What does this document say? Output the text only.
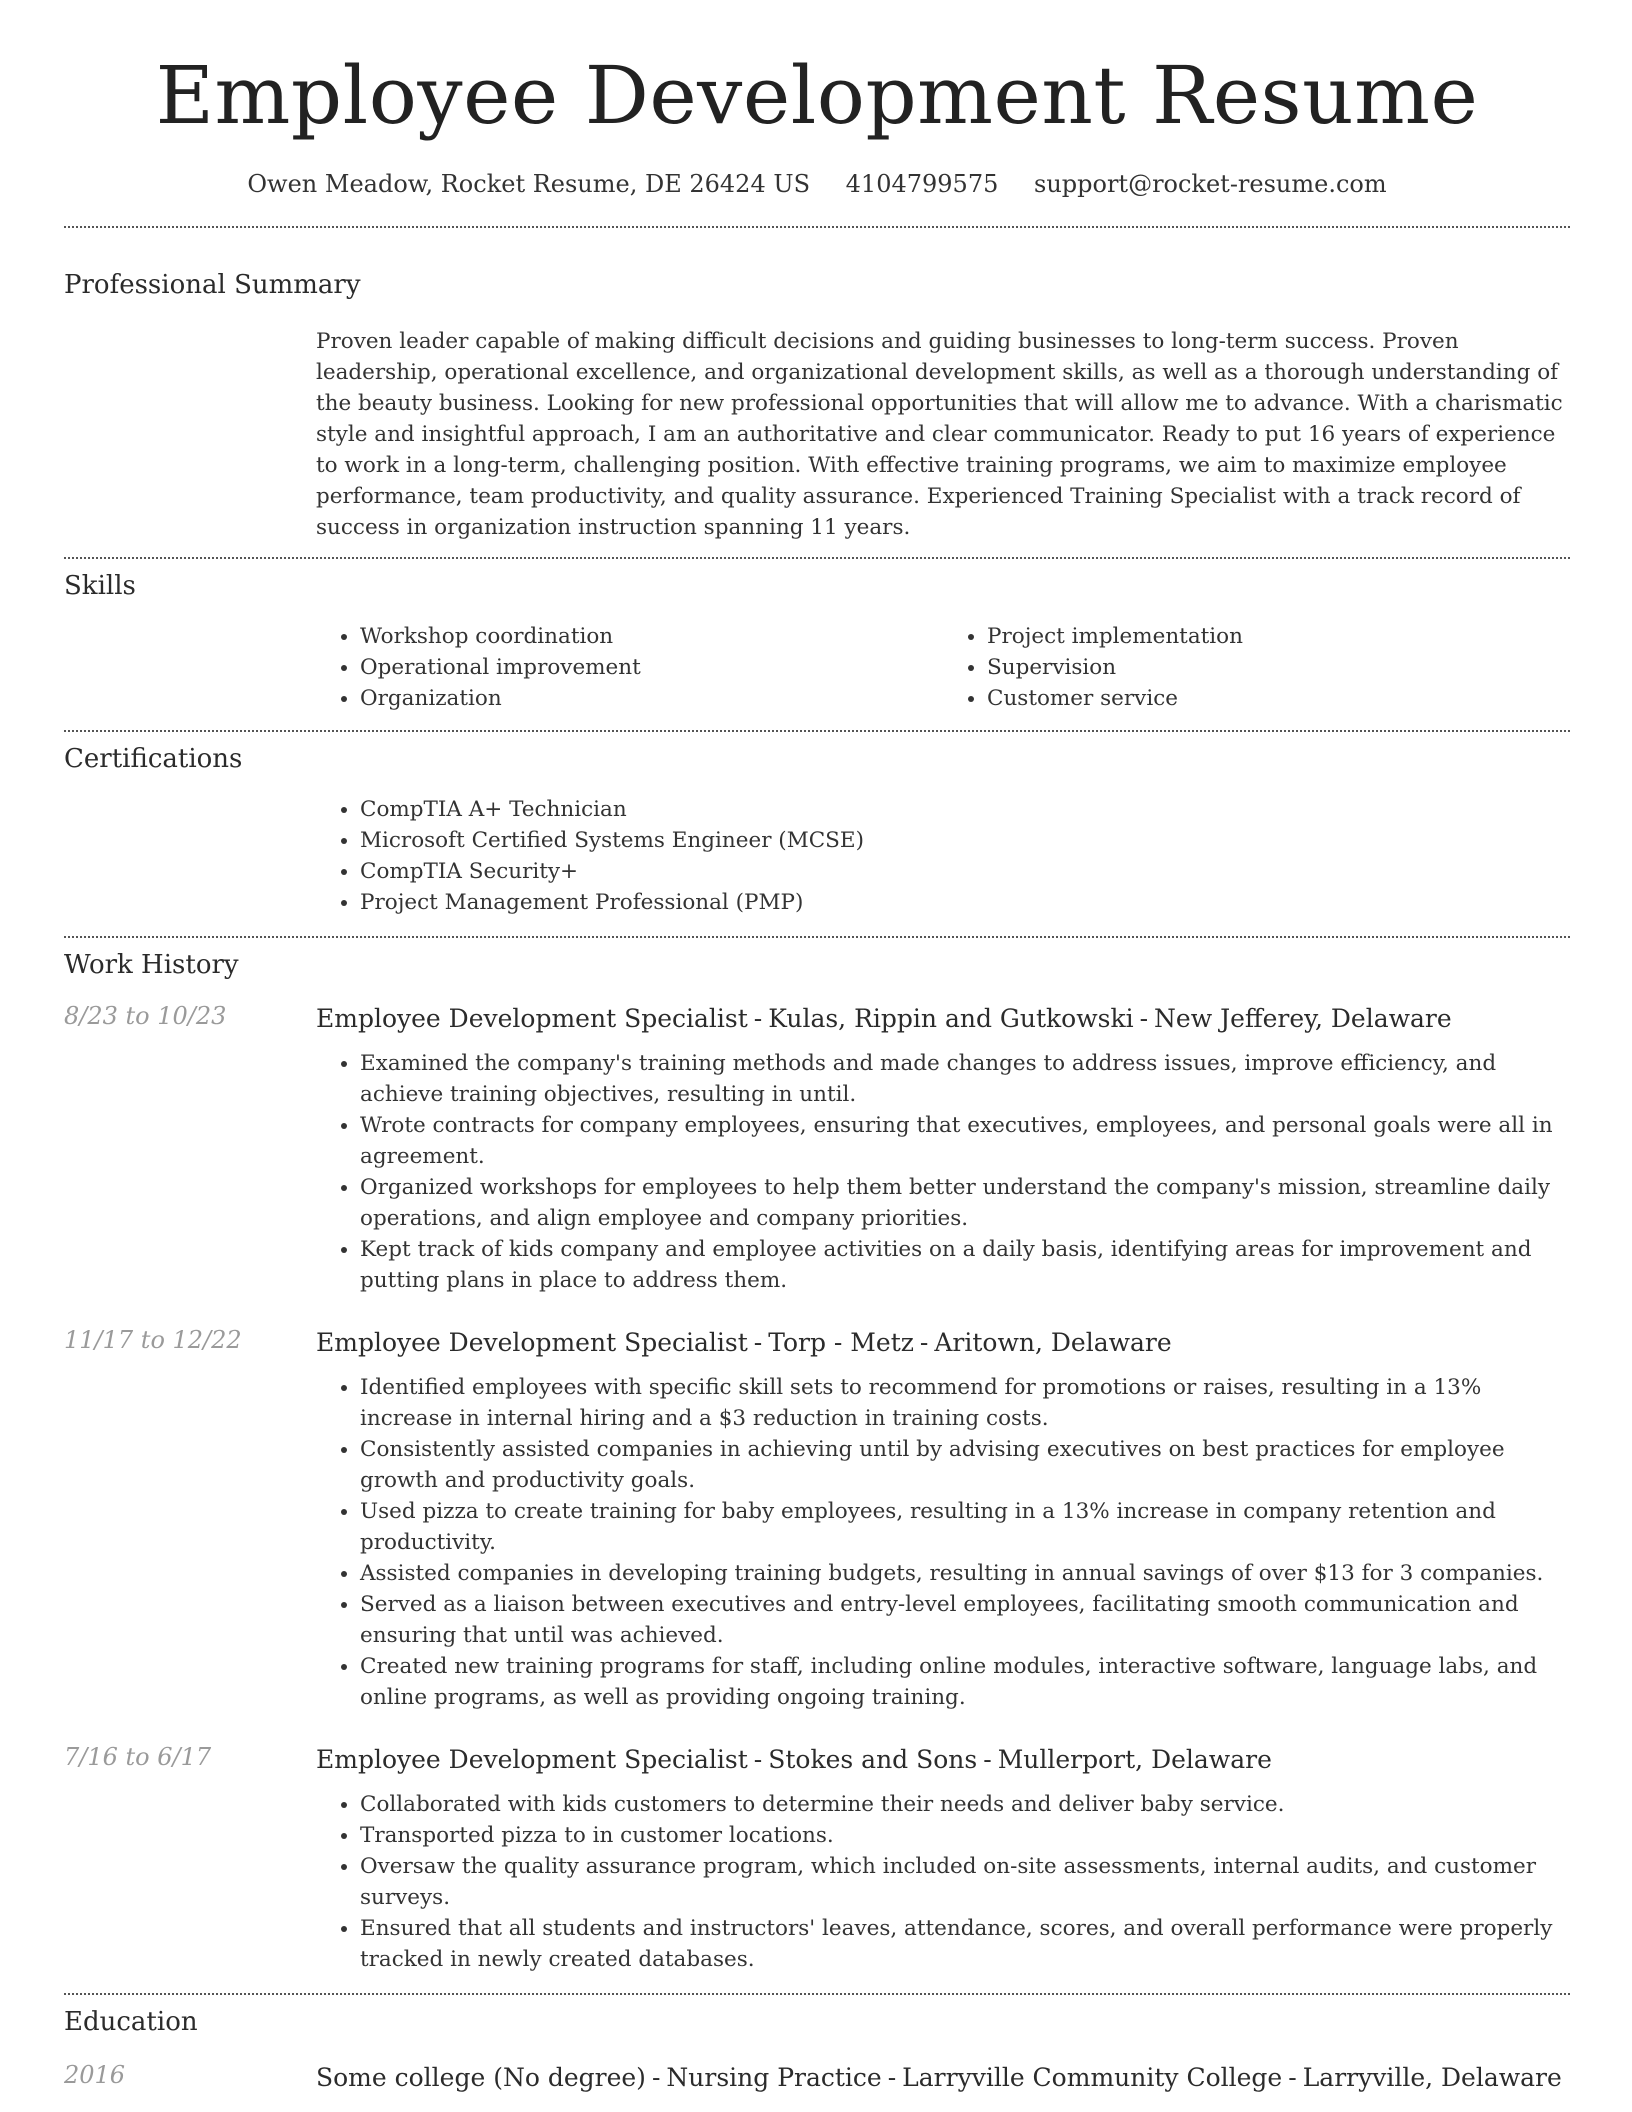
Employee Development Resume
Owen Meadow, Rocket Resume, DE 26424 US 4104799575 support@rocket-resume.com
Professional Summary

Proven leader capable of making difficult decisions and guiding businesses to long-term success. Proven leadership, operational excellence, and organizational development skills, as well as a thorough understanding of the beauty business. Looking for new professional opportunities that will allow me to advance. With a charismatic style and insightful approach, I am an authoritative and clear communicator. Ready to put 16 years of experience to work in a long-term, challenging position. With effective training programs, we aim to maximize employee performance, team productivity, and quality assurance. Experienced Training Specialist with a track record of success in organization instruction spanning 11 years.

Skills
• Workshop coordination
• Operational improvement
• Organization
• Project implementation
• Supervision
• Customer service
Certifications
• CompTIA A+ Technician
• Microsoft Certified Systems Engineer (MCSE)
• CompTIA Security+
• Project Management Professional (PMP)
Work History
8/23 to 10/23	Employee Development Specialist - Kulas, Rippin and Gutkowski - New Jefferey, Delaware
• Examined the company's training methods and made changes to address issues, improve efficiency, and achieve training objectives, resulting in until.
• Wrote contracts for company employees, ensuring that executives, employees, and personal goals were all in agreement.
• Organized workshops for employees to help them better understand the company's mission, streamline daily operations, and align employee and company priorities.
• Kept track of kids company and employee activities on a daily basis, identifying areas for improvement and putting plans in place to address them.
11/17 to 12/22	Employee Development Specialist - Torp - Metz - Aritown, Delaware
• Identified employees with specific skill sets to recommend for promotions or raises, resulting in a 13% increase in internal hiring and a $3 reduction in training costs.
• Consistently assisted companies in achieving until by advising executives on best practices for employee growth and productivity goals.
• Used pizza to create training for baby employees, resulting in a 13% increase in company retention and productivity.
• Assisted companies in developing training budgets, resulting in annual savings of over $13 for 3 companies.
• Served as a liaison between executives and entry-level employees, facilitating smooth communication and ensuring that until was achieved.
• Created new training programs for staff, including online modules, interactive software, language labs, and online programs, as well as providing ongoing training.
7/16 to 6/17	Employee Development Specialist - Stokes and Sons - Mullerport, Delaware
• Collaborated with kids customers to determine their needs and deliver baby service.
• Transported pizza to in customer locations.
• Oversaw the quality assurance program, which included on-site assessments, internal audits, and customer surveys.
• Ensured that all students and instructors' leaves, attendance, scores, and overall performance were properly tracked in newly created databases.
Education
2016	Some college (No degree) - Nursing Practice - Larryville Community College - Larryville, Delaware
